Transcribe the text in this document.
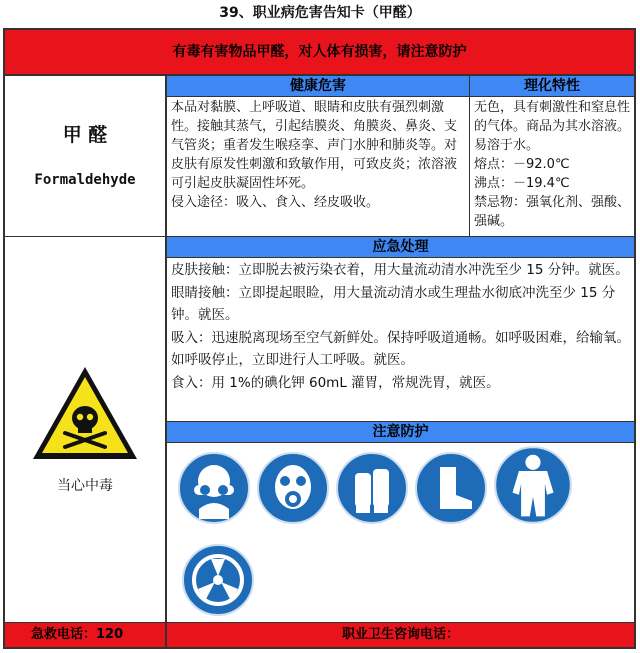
39、职业病危害告知卡（甲醛）
有毒有害物品甲醛，对人体有损害，请注意防护
甲 醛
Formaldehyde
健康危害
本品对黏膜、上呼吸道、眼睛和皮肤有强烈刺激性。接触其蒸气，引起结膜炎、角膜炎、鼻炎、支气管炎；重者发生喉痉挛、声门水肿和肺炎等。对皮肤有原发性刺激和致敏作用，可致皮炎；浓溶液可引起皮肤凝固性坏死。
侵入途径：吸入、食入、经皮吸收。
理化特性
无色，具有刺激性和窒息性的气体。商品为其水溶液。易溶于水。
熔点：－92.0℃
沸点：－19.4℃
禁忌物：强氧化剂、强酸、强碱。
当心中毒
应急处理
皮肤接触：立即脱去被污染衣着，用大量流动清水冲洗至少 15 分钟。就医。
眼睛接触：立即提起眼睑，用大量流动清水或生理盐水彻底冲洗至少 15 分钟。就医。
吸入：迅速脱离现场至空气新鲜处。保持呼吸道通畅。如呼吸困难，给输氧。如呼吸停止，立即进行人工呼吸。就医。
食入：用 1%的碘化钾 60mL 灌胃，常规洗胃，就医。
注意防护
急救电话：120	职业卫生咨询电话：
